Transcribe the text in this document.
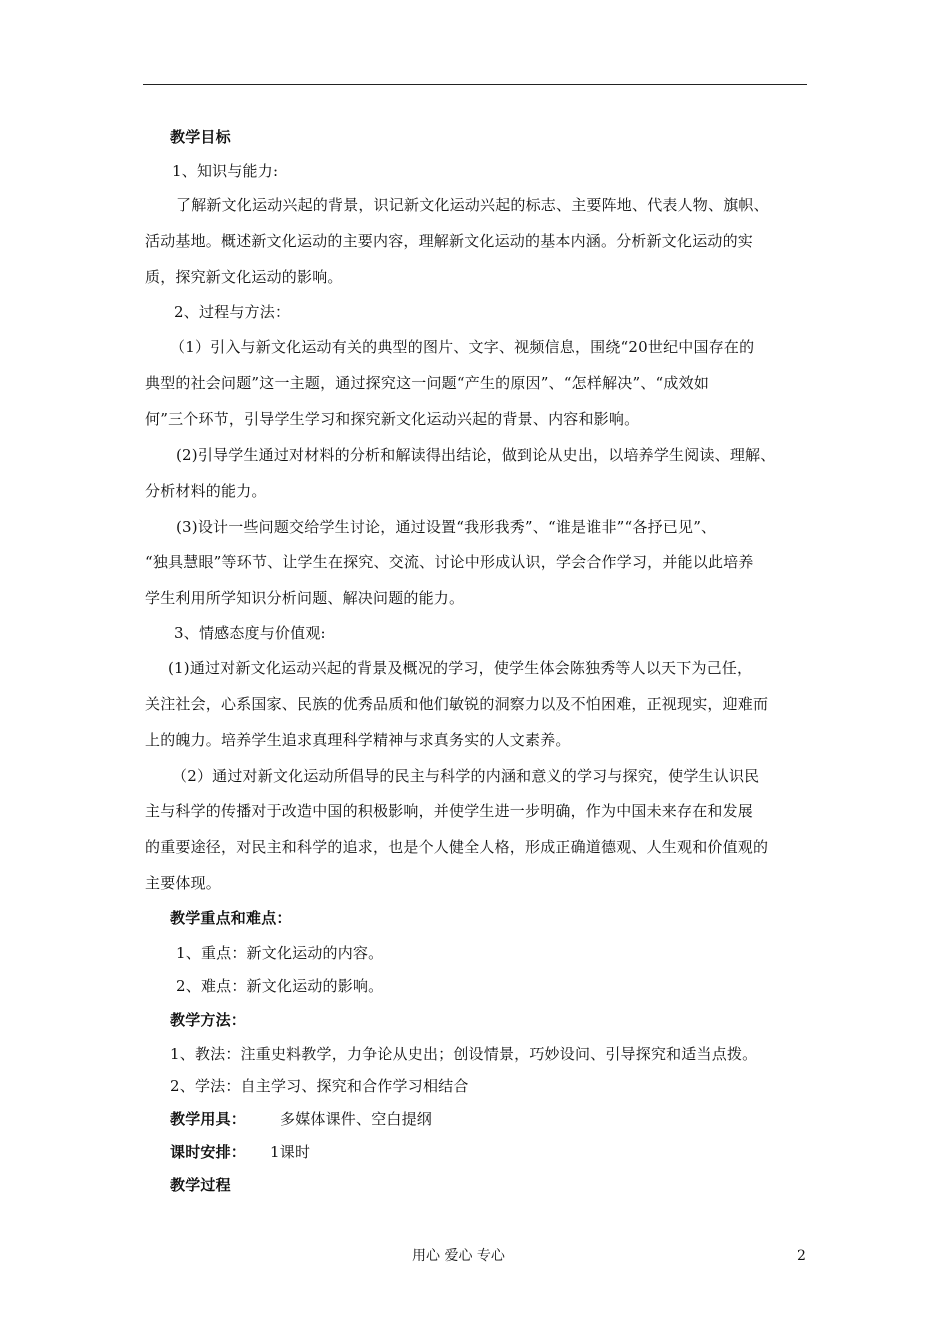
教学目标
1、知识与能力:
了解新文化运动兴起的背景，识记新文化运动兴起的标志、主要阵地、代表人物、旗帜、
活动基地。概述新文化运动的主要内容，理解新文化运动的基本内涵。分析新文化运动的实
质，探究新文化运动的影响。
2、过程与方法：
（1）引入与新文化运动有关的典型的图片、文字、视频信息，围绕“20世纪中国存在的
典型的社会问题”这一主题，通过探究这一问题“产生的原因”、“怎样解决”、“成效如
何”三个环节，引导学生学习和探究新文化运动兴起的背景、内容和影响。
(2)引导学生通过对材料的分析和解读得出结论，做到论从史出，以培养学生阅读、理解、
分析材料的能力。
(3)设计一些问题交给学生讨论，通过设置“我形我秀”、“谁是谁非”“各抒已见”、
“独具慧眼”等环节、让学生在探究、交流、讨论中形成认识，学会合作学习，并能以此培养
学生利用所学知识分析问题、解决问题的能力。
3、情感态度与价值观:
(1)通过对新文化运动兴起的背景及概况的学习，使学生体会陈独秀等人以天下为己任，
关注社会，心系国家、民族的优秀品质和他们敏锐的洞察力以及不怕困难，正视现实，迎难而
上的魄力。培养学生追求真理科学精神与求真务实的人文素养。
（2）通过对新文化运动所倡导的民主与科学的内涵和意义的学习与探究，使学生认识民
主与科学的传播对于改造中国的积极影响，并使学生进一步明确，作为中国未来存在和发展
的重要途径，对民主和科学的追求，也是个人健全人格，形成正确道德观、人生观和价值观的
主要体现。
教学重点和难点：
1、重点：新文化运动的内容。
2、难点：新文化运动的影响。
教学方法：
1、教法：注重史料教学，力争论从史出；创设情景，巧妙设问、引导探究和适当点拨。
2、学法：自主学习、探究和合作学习相结合
教学用具： 多媒体课件、空白提纲
课时安排： 1课时
教学过程
用心 爱心 专心	2
